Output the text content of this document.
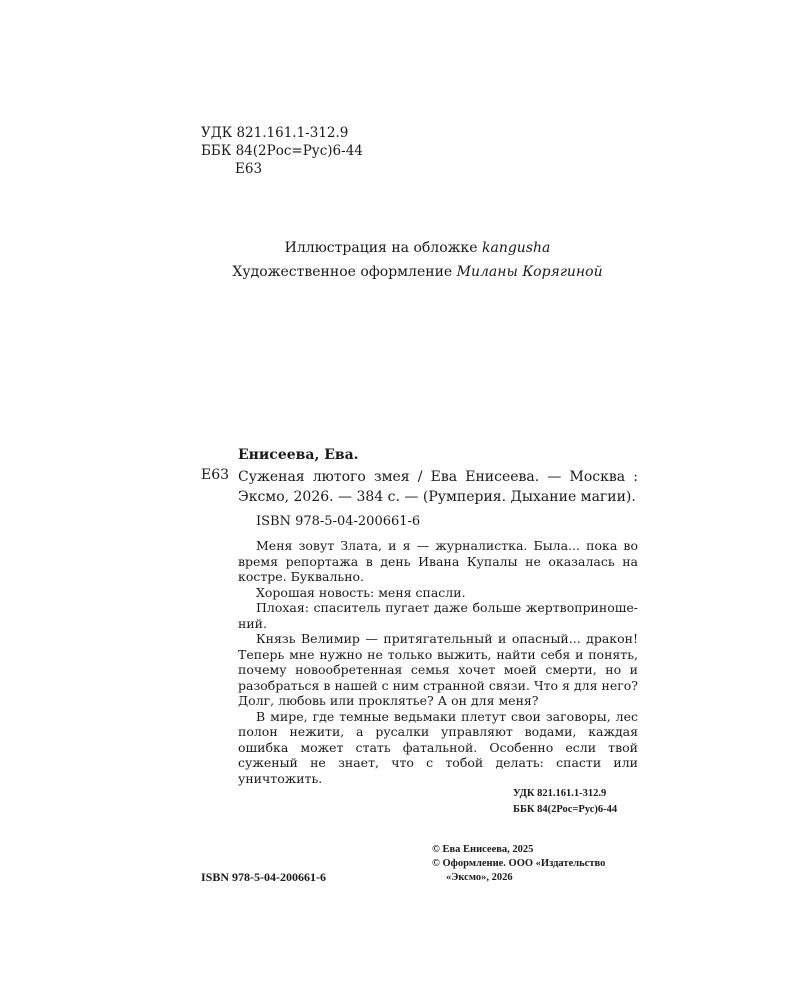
УДК 821.161.1-312.9
ББК 84(2Рос=Рус)6-44
Е63
Иллюстрация на обложке kangusha
Художественное оформление Миланы Корягиной
Енисеева, Ева.
Е63 Суженая лютого змея / Ева Енисеева. — Москва : Эксмо, 2026. — 384 с. — (Румперия. Дыхание магии).
ISBN 978-5-04-200661-6

Меня зовут Злата, и я — журналистка. Была... пока во время репортажа в день Ивана Купалы не оказалась на костре. Буквально.

Хорошая новость: меня спасли.

Плохая: спаситель пугает даже больше жертвоприношений.

Князь Велимир — притягательный и опасный... дракон! Теперь мне нужно не только выжить, найти себя и понять, почему новообретенная семья хочет моей смерти, но и разобраться в нашей с ним странной связи. Что я для него? Долг, любовь или проклятье? А он для меня?

В мире, где темные ведьмаки плетут свои заговоры, лес полон нежити, а русалки управляют водами, каждая ошибка может стать фатальной. Особенно если твой суженый не знает, что с тобой делать: спасти или уничтожить.

УДК 821.161.1-312.9
ББК 84(2Рос=Рус)6-44
© Ева Енисеева, 2025
© Оформление. ООО «Издательство
«Эксмо», 2026
ISBN 978-5-04-200661-6
